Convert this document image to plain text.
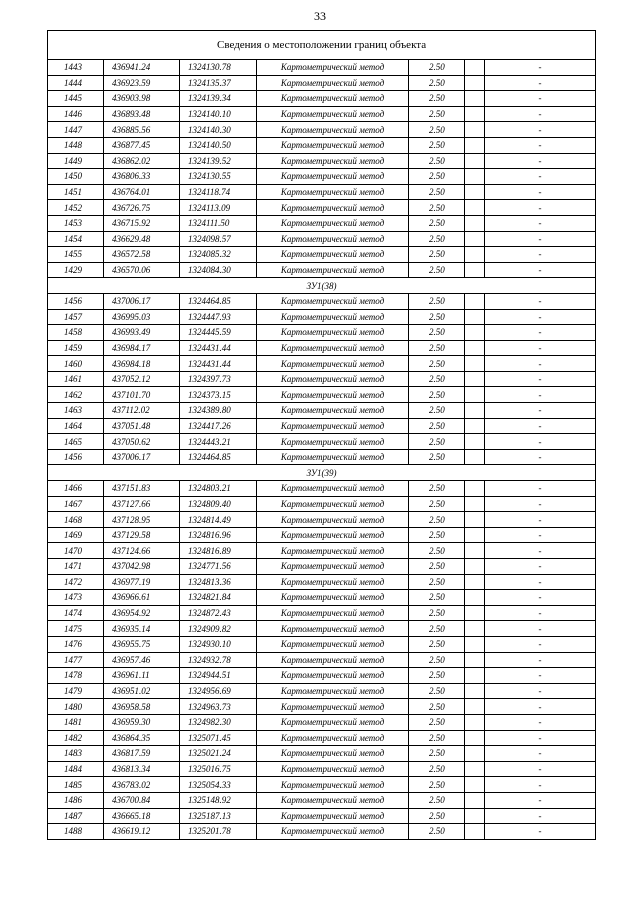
33
Сведения о местоположении границ объекта						
1443	436941.24	1324130.78	Картометрический метод	2.50		-
1444	436923.59	1324135.37	Картометрический метод	2.50		-
1445	436903.98	1324139.34	Картометрический метод	2.50		-
1446	436893.48	1324140.10	Картометрический метод	2.50		-
1447	436885.56	1324140.30	Картометрический метод	2.50		-
1448	436877.45	1324140.50	Картометрический метод	2.50		-
1449	436862.02	1324139.52	Картометрический метод	2.50		-
1450	436806.33	1324130.55	Картометрический метод	2.50		-
1451	436764.01	1324118.74	Картометрический метод	2.50		-
1452	436726.75	1324113.09	Картометрический метод	2.50		-
1453	436715.92	1324111.50	Картометрический метод	2.50		-
1454	436629.48	1324098.57	Картометрический метод	2.50		-
1455	436572.58	1324085.32	Картометрический метод	2.50		-
1429	436570.06	1324084.30	Картометрический метод	2.50		-
ЗУ1(38)						
1456	437006.17	1324464.85	Картометрический метод	2.50		-
1457	436995.03	1324447.93	Картометрический метод	2.50		-
1458	436993.49	1324445.59	Картометрический метод	2.50		-
1459	436984.17	1324431.44	Картометрический метод	2.50		-
1460	436984.18	1324431.44	Картометрический метод	2.50		-
1461	437052.12	1324397.73	Картометрический метод	2.50		-
1462	437101.70	1324373.15	Картометрический метод	2.50		-
1463	437112.02	1324389.80	Картометрический метод	2.50		-
1464	437051.48	1324417.26	Картометрический метод	2.50		-
1465	437050.62	1324443.21	Картометрический метод	2.50		-
1456	437006.17	1324464.85	Картометрический метод	2.50		-
ЗУ1(39)						
1466	437151.83	1324803.21	Картометрический метод	2.50		-
1467	437127.66	1324809.40	Картометрический метод	2.50		-
1468	437128.95	1324814.49	Картометрический метод	2.50		-
1469	437129.58	1324816.96	Картометрический метод	2.50		-
1470	437124.66	1324816.89	Картометрический метод	2.50		-
1471	437042.98	1324771.56	Картометрический метод	2.50		-
1472	436977.19	1324813.36	Картометрический метод	2.50		-
1473	436966.61	1324821.84	Картометрический метод	2.50		-
1474	436954.92	1324872.43	Картометрический метод	2.50		-
1475	436935.14	1324909.82	Картометрический метод	2.50		-
1476	436955.75	1324930.10	Картометрический метод	2.50		-
1477	436957.46	1324932.78	Картометрический метод	2.50		-
1478	436961.11	1324944.51	Картометрический метод	2.50		-
1479	436951.02	1324956.69	Картометрический метод	2.50		-
1480	436958.58	1324963.73	Картометрический метод	2.50		-
1481	436959.30	1324982.30	Картометрический метод	2.50		-
1482	436864.35	1325071.45	Картометрический метод	2.50		-
1483	436817.59	1325021.24	Картометрический метод	2.50		-
1484	436813.34	1325016.75	Картометрический метод	2.50		-
1485	436783.02	1325054.33	Картометрический метод	2.50		-
1486	436700.84	1325148.92	Картометрический метод	2.50		-
1487	436665.18	1325187.13	Картометрический метод	2.50		-
1488	436619.12	1325201.78	Картометрический метод	2.50		-
